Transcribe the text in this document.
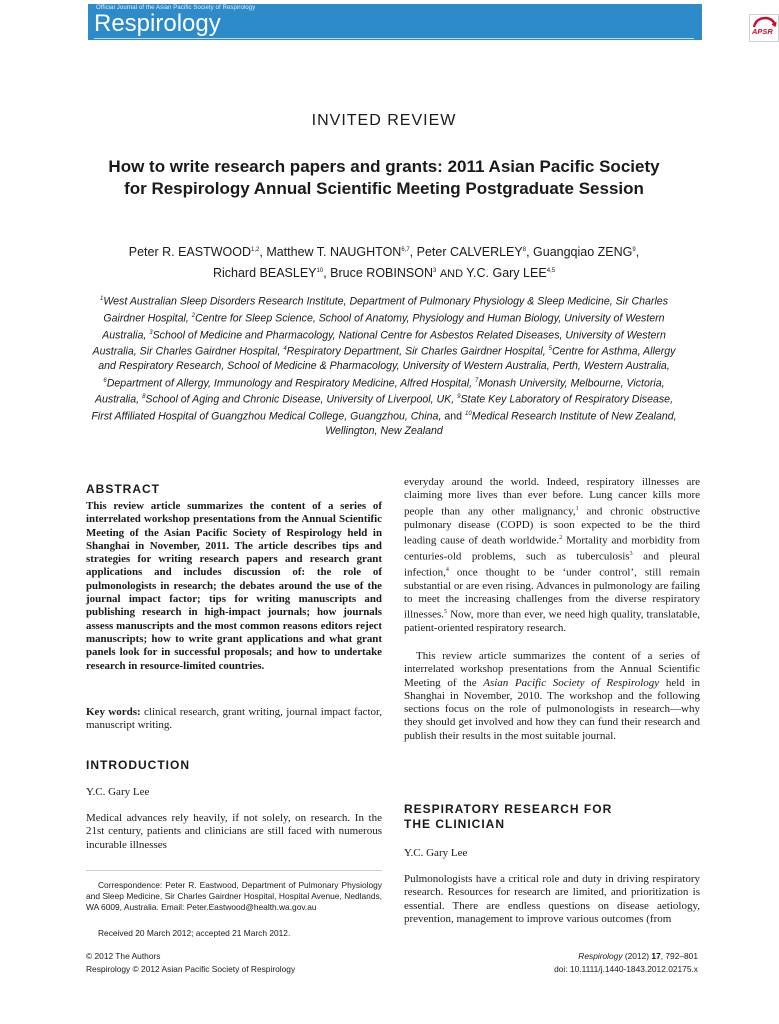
Official Journal of the Asian Pacific Society of Respirology
Respirology	APSR
INVITED REVIEW
How to write research papers and grants: 2011 Asian Pacific Society for Respirology Annual Scientific Meeting Postgraduate Session
Peter R. EASTWOOD$^{1,2}$, Matthew T. NAUGHTON$^{6,7}$, Peter CALVERLEY$^8$, Guangqiao ZENG$^9$,
Richard BEASLEY$^{10}$, Bruce ROBINSON$^3$ AND Y.C. Gary LEE$^{4,5}$
$^1$West Australian Sleep Disorders Research Institute, Department of Pulmonary Physiology & Sleep Medicine, Sir Charles Gairdner Hospital, $^2$Centre for Sleep Science, School of Anatomy, Physiology and Human Biology, University of Western Australia, $^3$School of Medicine and Pharmacology, National Centre for Asbestos Related Diseases, University of Western Australia, Sir Charles Gairdner Hospital, $^4$Respiratory Department, Sir Charles Gairdner Hospital, $^5$Centre for Asthma, Allergy and Respiratory Research, School of Medicine & Pharmacology, University of Western Australia, Perth, Western Australia, $^6$Department of Allergy, Immunology and Respiratory Medicine, Alfred Hospital, $^7$Monash University, Melbourne, Victoria, Australia, $^8$School of Aging and Chronic Disease, University of Liverpool, UK, $^9$State Key Laboratory of Respiratory Disease, First Affiliated Hospital of Guangzhou Medical College, Guangzhou, China, and $^{10}$Medical Research Institute of New Zealand, Wellington, New Zealand
ABSTRACT

This review article summarizes the content of a series of interrelated workshop presentations from the Annual Scientific Meeting of the Asian Pacific Society of Respirology held in Shanghai in November, 2011. The article describes tips and strategies for writing research papers and research grant applications and includes discussion of: the role of pulmonologists in research; the debates around the use of the journal impact factor; tips for writing manuscripts and publishing research in high-impact journals; how journals assess manuscripts and the most common reasons editors reject manuscripts; how to write grant applications and what grant panels look for in successful proposals; and how to undertake research in resource-limited countries.

Key words: clinical research, grant writing, journal impact factor, manuscript writing.

INTRODUCTION
Y.C. Gary Lee

Medical advances rely heavily, if not solely, on research. In the 21st century, patients and clinicians are still faced with numerous incurable illnesses

Correspondence: Peter R. Eastwood, Department of Pulmonary Physiology and Sleep Medicine, Sir Charles Gairdner Hospital, Hospital Avenue, Nedlands, WA 6009, Australia. Email: Peter.Eastwood@health.wa.gov.au
Received 20 March 2012; accepted 21 March 2012.
© 2012 The Authors
Respirology © 2012 Asian Pacific Society of Respirology

everyday around the world. Indeed, respiratory illnesses are claiming more lives than ever before. Lung cancer kills more people than any other malignancy,$^1$ and chronic obstructive pulmonary disease (COPD) is soon expected to be the third leading cause of death worldwide.$^2$ Mortality and morbidity from centuries-old problems, such as tuberculosis$^3$ and pleural infection,$^4$ once thought to be ‘under control’, still remain substantial or are even rising. Advances in pulmonology are failing to meet the increasing challenges from the diverse respiratory illnesses.$^5$ Now, more than ever, we need high quality, translatable, patient-oriented respiratory research.

This review article summarizes the content of a series of interrelated workshop presentations from the Annual Scientific Meeting of the Asian Pacific Society of Respirology held in Shanghai in November, 2010. The workshop and the following sections focus on the role of pulmonologists in research—why they should get involved and how they can fund their research and publish their results in the most suitable journal.

RESPIRATORY RESEARCH FOR
THE CLINICIAN
Y.C. Gary Lee

Pulmonologists have a critical role and duty in driving respiratory research. Resources for research are limited, and prioritization is essential. There are endless questions on disease aetiology, prevention, management to improve various outcomes (from

Respirology (2012) 17, 792–801
doi: 10.1111/j.1440-1843.2012.02175.x
